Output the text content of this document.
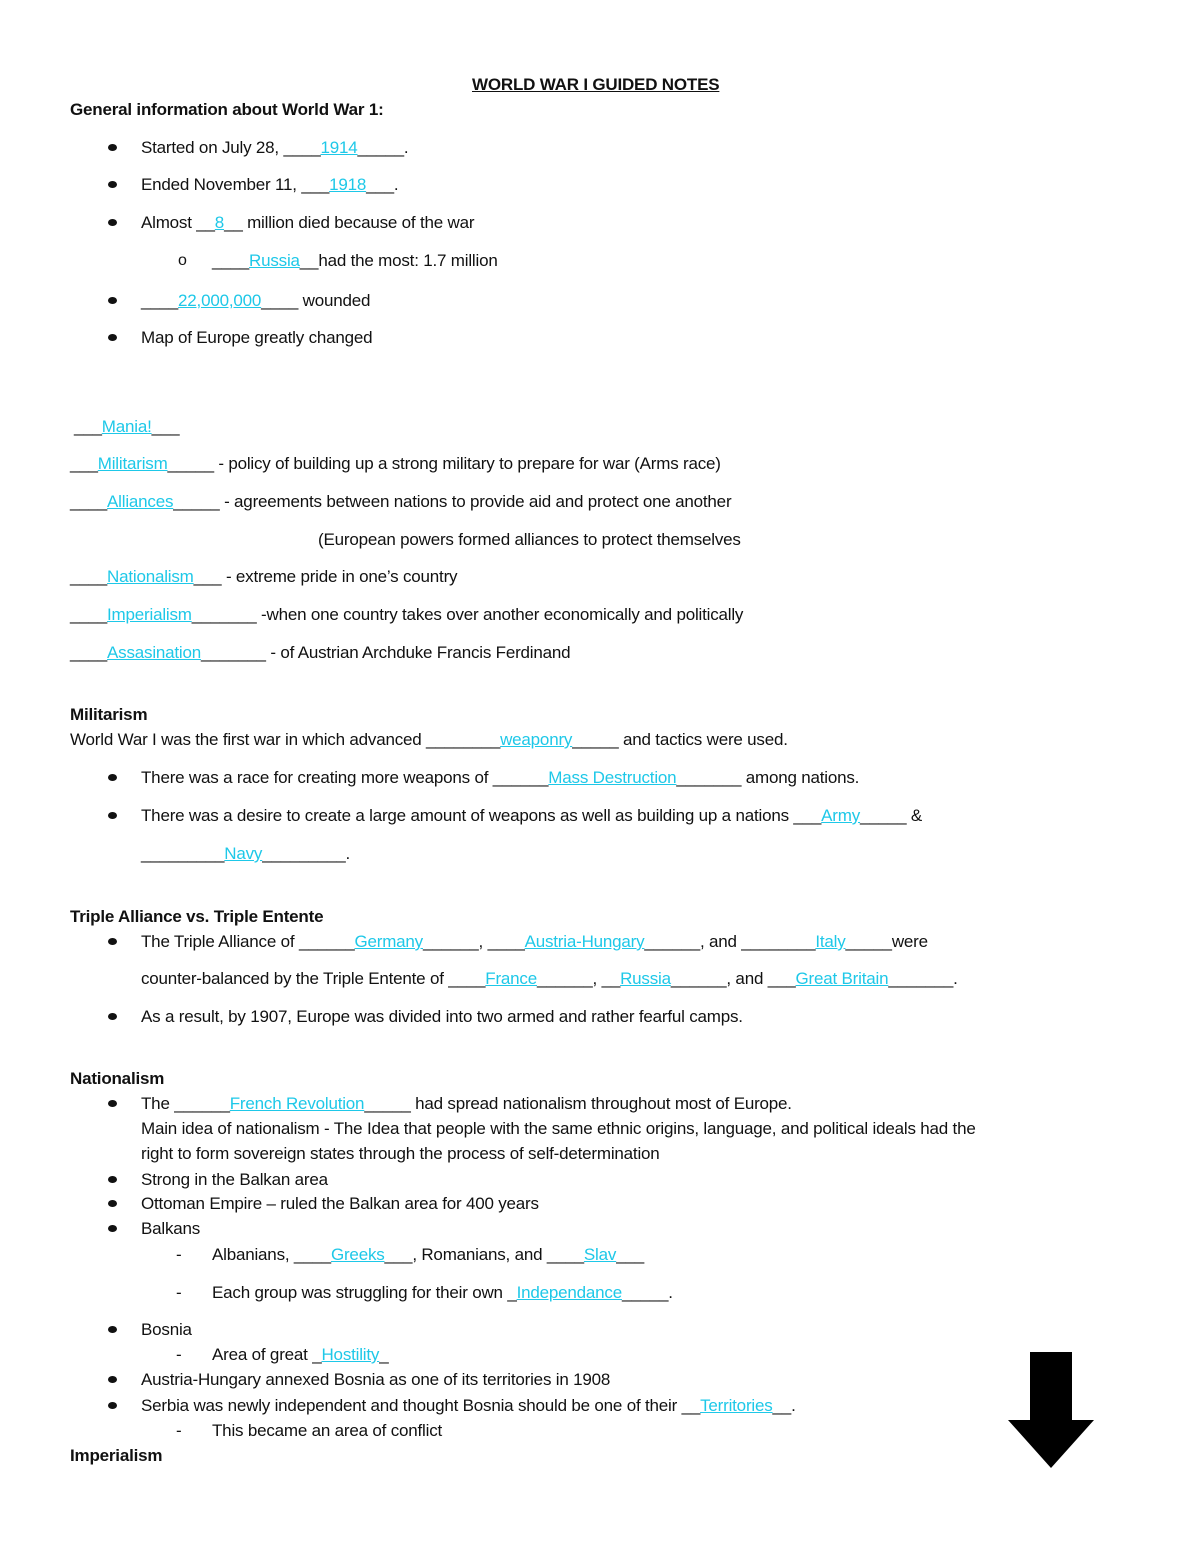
WORLD WAR I GUIDED NOTES
General information about World War 1:
Started on July 28, ____1914_____.
Ended November 11, ___1918___.
Almost __8__ million died because of the war
o ____Russia__had the most: 1.7 million
____22,000,000____ wounded
Map of Europe greatly changed
___Mania!___
___Militarism_____ - policy of building up a strong military to prepare for war (Arms race)
____Alliances_____ - agreements between nations to provide aid and protect one another
(European powers formed alliances to protect themselves
____Nationalism___ - extreme pride in one’s country
____Imperialism_______ -when one country takes over another economically and politically
____Assasination_______ - of Austrian Archduke Francis Ferdinand
Militarism
World War I was the first war in which advanced ________weaponry_____ and tactics were used.
There was a race for creating more weapons of ______Mass Destruction_______ among nations.
There was a desire to create a large amount of weapons as well as building up a nations ___Army_____ &
_________Navy_________.
Triple Alliance vs. Triple Entente
The Triple Alliance of ______Germany______, ____Austria-Hungary______, and ________Italy_____were
counter-balanced by the Triple Entente of ____France______, __Russia______, and ___Great Britain_______.
As a result, by 1907, Europe was divided into two armed and rather fearful camps.
Nationalism
The ______French Revolution_____ had spread nationalism throughout most of Europe.
Main idea of nationalism - The Idea that people with the same ethnic origins, language, and political ideals had the
right to form sovereign states through the process of self-determination
Strong in the Balkan area
Ottoman Empire – ruled the Balkan area for 400 years
Balkans
- Albanians, ____Greeks___, Romanians, and ____Slav___
- Each group was struggling for their own _Independance_____.
Bosnia
- Area of great _Hostility_
Austria-Hungary annexed Bosnia as one of its territories in 1908
Serbia was newly independent and thought Bosnia should be one of their __Territories__.
- This became an area of conflict
Imperialism
